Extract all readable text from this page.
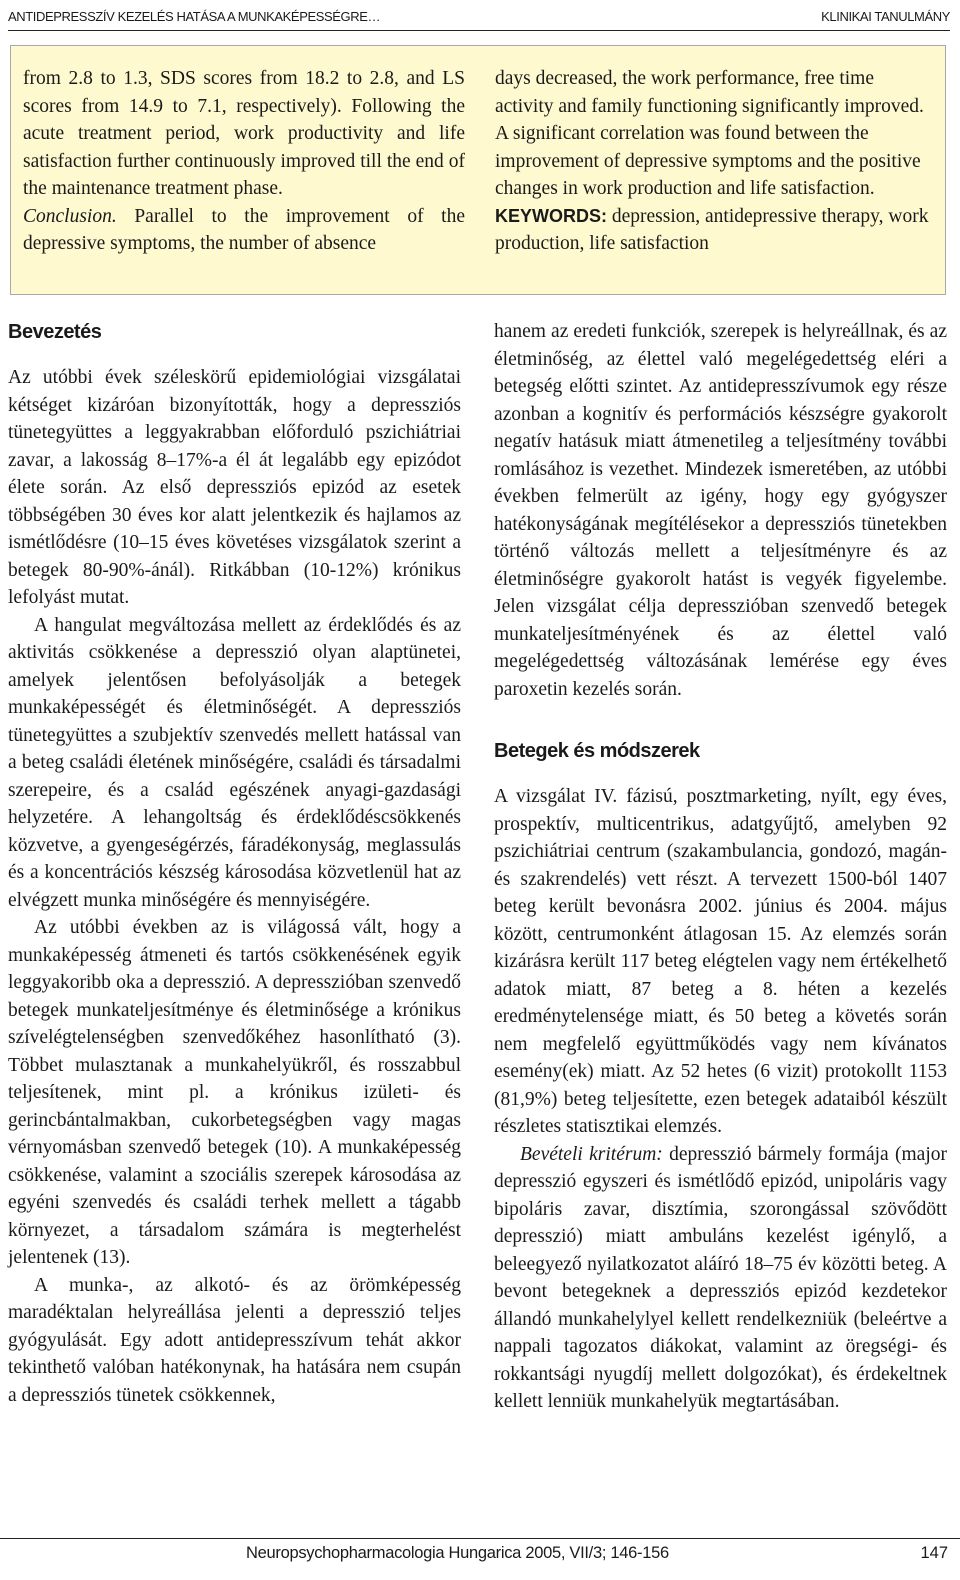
ANTIDEPRESSZÍV KEZELÉS HATÁSA A MUNKAKÉPESSÉGRE…	KLINIKAI TANULMÁNY

from 2.8 to 1.3, SDS scores from 18.2 to 2.8, and LS scores from 14.9 to 7.1, respectively). Following the acute treatment period, work productivity and life satisfaction further continuously improved till the end of the maintenance treatment phase.

Conclusion. Parallel to the improvement of the depressive symptoms, the number of absence

days decreased, the work performance, free time activity and family functioning significantly improved. A significant correlation was found between the improvement of depressive symptoms and the positive changes in work production and life satisfaction.

KEYWORDS: depression, antidepressive therapy, work production, life satisfaction

Bevezetés

Az utóbbi évek széleskörű epidemiológiai vizsgálatai kétséget kizáróan bizonyították, hogy a depressziós tünetegyüttes a leggyakrabban előforduló pszichiátriai zavar, a lakosság 8–17%-a él át legalább egy epizódot élete során. Az első depressziós epizód az esetek többségében 30 éves kor alatt jelentkezik és hajlamos az ismétlődésre (10–15 éves követéses vizsgálatok szerint a betegek 80-90%-ánál). Ritkábban (10-12%) krónikus lefolyást mutat.

A hangulat megváltozása mellett az érdeklődés és az aktivitás csökkenése a depresszió olyan alaptünetei, amelyek jelentősen befolyásolják a betegek munkaképességét és életminőségét. A depressziós tünetegyüttes a szubjektív szenvedés mellett hatással van a beteg családi életének minőségére, családi és társadalmi szerepeire, és a család egészének anyagi-gazdasági helyzetére. A lehangoltság és érdeklődéscsökkenés közvetve, a gyengeségérzés, fáradékonyság, meglassulás és a koncentrációs készség károsodása közvetlenül hat az elvégzett munka minőségére és mennyiségére.

Az utóbbi években az is világossá vált, hogy a munkaképesség átmeneti és tartós csökkenésének egyik leggyakoribb oka a depresszió. A depresszióban szenvedő betegek munkateljesítménye és életminősége a krónikus szívelégtelenségben szenvedőkéhez hasonlítható (3). Többet mulasztanak a munkahelyükről, és rosszabbul teljesítenek, mint pl. a krónikus izületi- és gerincbántalmakban, cukorbetegségben vagy magas vérnyomásban szenvedő betegek (10). A munkaképesség csökkenése, valamint a szociális szerepek károsodása az egyéni szenvedés és családi terhek mellett a tágabb környezet, a társadalom számára is megterhelést jelentenek (13).

A munka-, az alkotó- és az örömképesség maradéktalan helyreállása jelenti a depresszió teljes gyógyulását. Egy adott antidepresszívum tehát akkor tekinthető valóban hatékonynak, ha hatására nem csupán a depressziós tünetek csökkennek,

hanem az eredeti funkciók, szerepek is helyreállnak, és az életminőség, az élettel való megelégedettség eléri a betegség előtti szintet. Az antidepresszívumok egy része azonban a kognitív és performációs készségre gyakorolt negatív hatásuk miatt átmenetileg a teljesítmény további romlásához is vezethet. Mindezek ismeretében, az utóbbi években felmerült az igény, hogy egy gyógyszer hatékonyságának megítélésekor a depressziós tünetekben történő változás mellett a teljesítményre és az életminőségre gyakorolt hatást is vegyék figyelembe. Jelen vizsgálat célja depresszióban szenvedő betegek munkateljesítményének és az élettel való megelégedettség változásának lemérése egy éves paroxetin kezelés során.

Betegek és módszerek

A vizsgálat IV. fázisú, posztmarketing, nyílt, egy éves, prospektív, multicentrikus, adatgyűjtő, amelyben 92 pszichiátriai centrum (szakambulancia, gondozó, magán- és szakrendelés) vett részt. A tervezett 1500-ból 1407 beteg került bevonásra 2002. június és 2004. május között, centrumonként átlagosan 15. Az elemzés során kizárásra került 117 beteg elégtelen vagy nem értékelhető adatok miatt, 87 beteg a 8. héten a kezelés eredménytelensége miatt, és 50 beteg a követés során nem megfelelő együttműködés vagy nem kívánatos esemény(ek) miatt. Az 52 hetes (6 vizit) protokollt 1153 (81,9%) beteg teljesítette, ezen betegek adataiból készült részletes statisztikai elemzés.

Bevételi kritérum: depresszió bármely formája (major depresszió egyszeri és ismétlődő epizód, unipoláris vagy bipoláris zavar, disztímia, szorongással szövődött depresszió) miatt ambuláns kezelést igénylő, a beleegyező nyilatkozatot aláíró 18–75 év közötti beteg. A bevont betegeknek a depressziós epizód kezdetekor állandó munkahelylyel kellett rendelkezniük (beleértve a nappali tagozatos diákokat, valamint az öregségi- és rokkantsági nyugdíj mellett dolgozókat), és érdekeltnek kellett lenniük munkahelyük megtartásában.

Neuropsychopharmacologia Hungarica 2005, VII/3; 146-156	147
